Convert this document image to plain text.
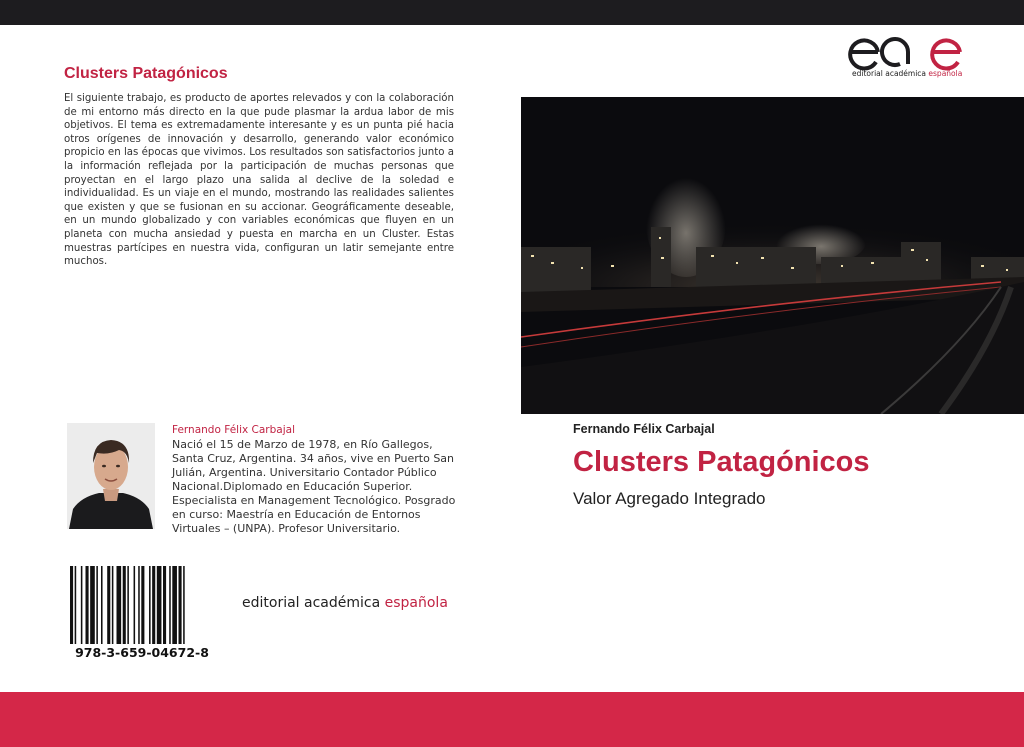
Clusters Patagónicos

El siguiente trabajo, es producto de aportes relevados y con la colaboración de mi entorno más directo en la que pude plasmar la ardua labor de mis objetivos. El tema es extremadamente interesante y es un punta pié hacia otros orígenes de innovación y desarrollo, generando valor económico propicio en las épocas que vivimos. Los resultados son satisfactorios junto a la información reflejada por la participación de muchas personas que proyectan en el largo plazo una salida al declive de la soledad e individualidad. Es un viaje en el mundo, mostrando las realidades salientes que existen y que se fusionan en su accionar. Geográficamente deseable, en un mundo globalizado y con variables económicas que fluyen en un planeta con mucha ansiedad y puesta en marcha en un Cluster. Estas muestras partícipes en nuestra vida, configuran un latir semejante entre muchos.

Fernando Félix Carbajal

Nació el 15 de Marzo de 1978, en Río Gallegos, Santa Cruz, Argentina. 34 años, vive en Puerto San Julián, Argentina. Universitario Contador Público Nacional.Diplomado en Educación Superior. Especialista en Management Tecnológico. Posgrado en curso: Maestría en Educación de Entornos Virtuales – (UNPA). Profesor Universitario.

978-3-659-04672-8
editorial académica española
editorial académica española
Fernando Félix Carbajal
Clusters Patagónicos
Valor Agregado Integrado
